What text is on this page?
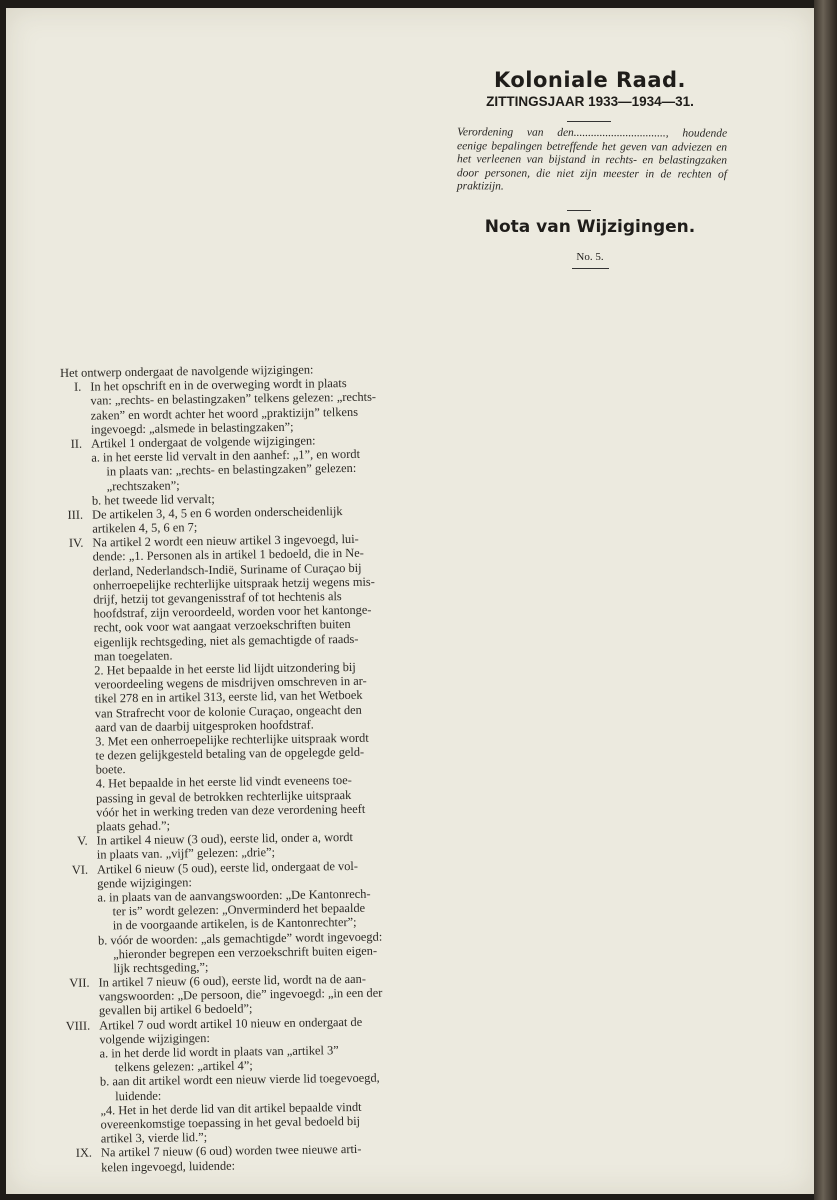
Koloniale Raad.
ZITTINGSJAAR 1933—1934—31.
Verordening van den................................, houdende eenige bepalingen betreffende het geven van adviezen en het verleenen van bijstand in rechts- en belastingzaken door personen, die niet zijn meester in de rechten of praktizijn.
Nota van Wijzigingen.
No. 5.
Het ontwerp ondergaat de navolgende wijzigingen:
I. In het opschrift en in de overweging wordt in plaats
van: „rechts- en belastingzaken” telkens gelezen: „rechts-
zaken” en wordt achter het woord „praktizijn” telkens
ingevoegd: „alsmede in belastingzaken”;
II. Artikel 1 ondergaat de volgende wijzigingen:
a. in het eerste lid vervalt in den aanhef: „1”, en wordt
in plaats van: „rechts- en belastingzaken” gelezen:
„rechtszaken”;
b. het tweede lid vervalt;
III. De artikelen 3, 4, 5 en 6 worden onderscheidenlijk
artikelen 4, 5, 6 en 7;
IV. Na artikel 2 wordt een nieuw artikel 3 ingevoegd, lui-
dende: „1. Personen als in artikel 1 bedoeld, die in Ne-
derland, Nederlandsch-Indië, Suriname of Curaçao bij
onherroepelijke rechterlijke uitspraak hetzij wegens mis-
drijf, hetzij tot gevangenisstraf of tot hechtenis als
hoofdstraf, zijn veroordeeld, worden voor het kantonge-
recht, ook voor wat aangaat verzoekschriften buiten
eigenlijk rechtsgeding, niet als gemachtigde of raads-
man toegelaten.
2. Het bepaalde in het eerste lid lijdt uitzondering bij
veroordeeling wegens de misdrijven omschreven in ar-
tikel 278 en in artikel 313, eerste lid, van het Wetboek
van Strafrecht voor de kolonie Curaçao, ongeacht den
aard van de daarbij uitgesproken hoofdstraf.
3. Met een onherroepelijke rechterlijke uitspraak wordt
te dezen gelijkgesteld betaling van de opgelegde geld-
boete.
4. Het bepaalde in het eerste lid vindt eveneens toe-
passing in geval de betrokken rechterlijke uitspraak
vóór het in werking treden van deze verordening heeft
plaats gehad.”;
V. In artikel 4 nieuw (3 oud), eerste lid, onder a, wordt
in plaats van. „vijf” gelezen: „drie”;
VI. Artikel 6 nieuw (5 oud), eerste lid, ondergaat de vol-
gende wijzigingen:
a. in plaats van de aanvangswoorden: „De Kantonrech-
ter is” wordt gelezen: „Onverminderd het bepaalde
in de voorgaande artikelen, is de Kantonrechter”;
b. vóór de woorden: „als gemachtigde” wordt ingevoegd:
„hieronder begrepen een verzoekschrift buiten eigen-
lijk rechtsgeding,”;
VII. In artikel 7 nieuw (6 oud), eerste lid, wordt na de aan-
vangswoorden: „De persoon, die” ingevoegd: „in een der
gevallen bij artikel 6 bedoeld”;
VIII. Artikel 7 oud wordt artikel 10 nieuw en ondergaat de
volgende wijzigingen:
a. in het derde lid wordt in plaats van „artikel 3”
telkens gelezen: „artikel 4”;
b. aan dit artikel wordt een nieuw vierde lid toegevoegd,
luidende:
„4. Het in het derde lid van dit artikel bepaalde vindt
overeenkomstige toepassing in het geval bedoeld bij
artikel 3, vierde lid.”;
IX. Na artikel 7 nieuw (6 oud) worden twee nieuwe arti-
kelen ingevoegd, luidende:
